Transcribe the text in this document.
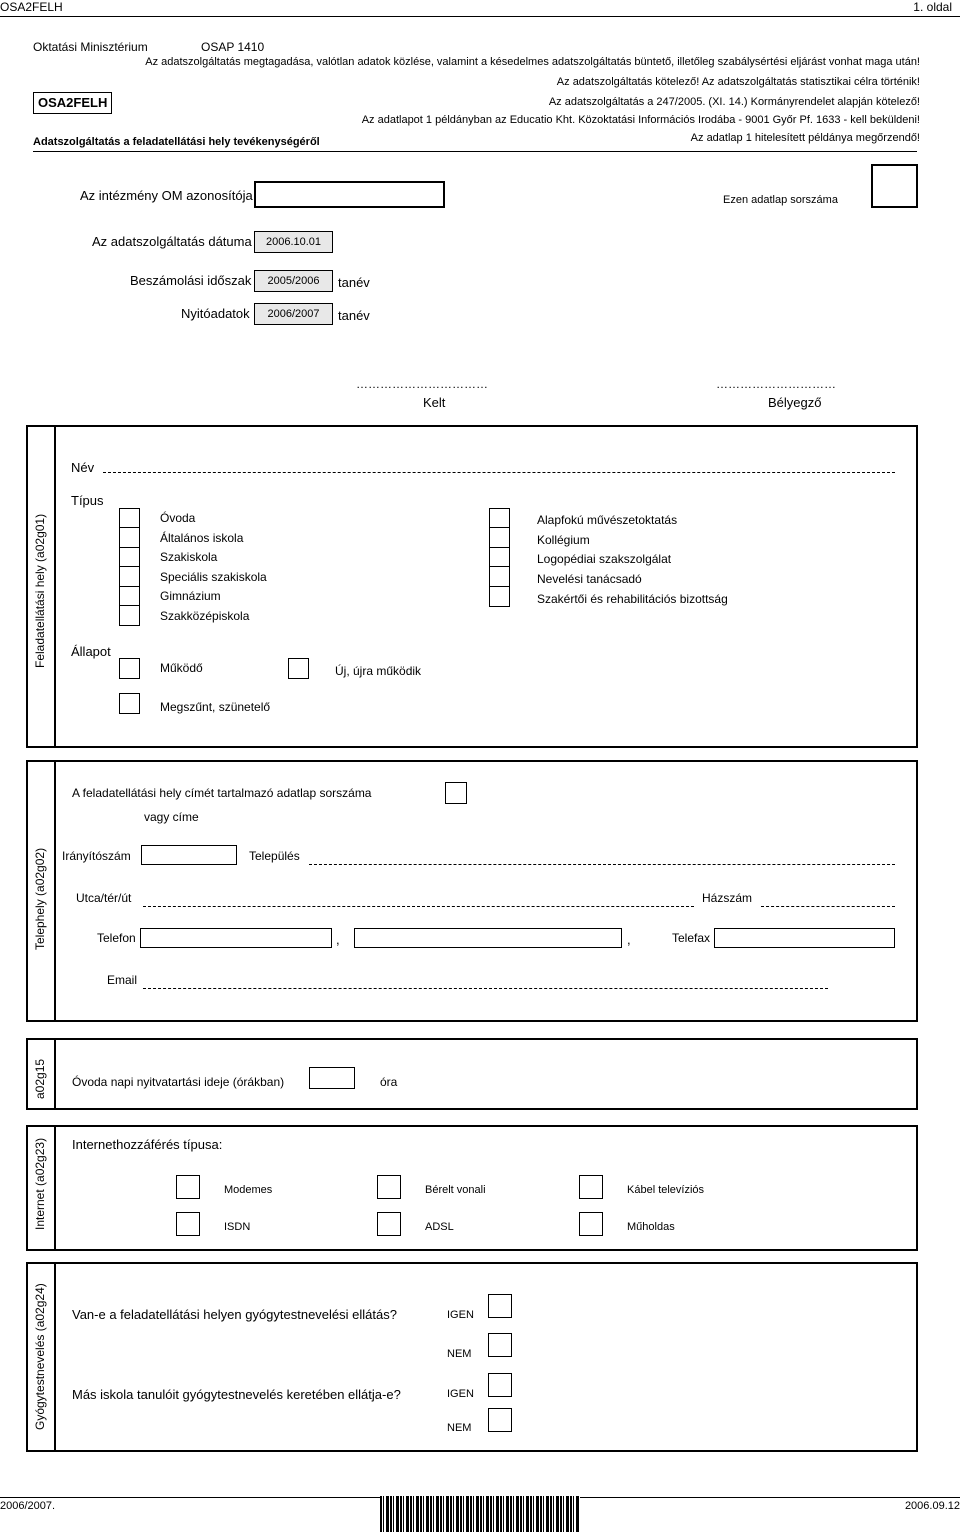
OSA2FELH	1. oldal
Oktatási Minisztérium	OSAP 1410
Az adatszolgáltatás megtagadása, valótlan adatok közlése, valamint a késedelmes adatszolgáltatás büntető, illetőleg szabálysértési eljárást vonhat maga után!
Az adatszolgáltatás kötelező! Az adatszolgáltatás statisztikai célra történik!
OSA2FELH	Az adatszolgáltatás a 247/2005. (XI. 14.) Kormányrendelet alapján kötelező!
Az adatlapot 1 példányban az Educatio Kht. Közoktatási Információs Irodába - 9001 Győr Pf. 1633 - kell beküldeni!
Adatszolgáltatás a feladatellátási hely tevékenységéről	Az adatlap 1 hitelesített példánya megőrzendő!
Az intézmény OM azonosítója	Ezen adatlap sorszáma
Az adatszolgáltatás dátuma	2006.10.01
Beszámolási időszak	2005/2006	tanév
Nyitóadatok	2006/2007	tanév
……………………………	…………………………
Kelt	Bélyegző
Feladatellátási hely (a02g01)
Név
Típus
Óvoda
Általános iskola
Szakiskola
Speciális szakiskola
Gimnázium
Szakközépiskola
Alapfokú művészetoktatás
Kollégium
Logopédiai szakszolgálat
Nevelési tanácsadó
Szakértői és rehabilitációs bizottság
Állapot
Működő	Új, újra működik
Megszűnt, szünetelő
Telephely (a02g02)
A feladatellátási hely címét tartalmazó adatlap sorszáma
vagy címe
Irányítószám	Település
Utca/tér/út	Házszám
Telefon	,	,	Telefax
Email
a02g15 Óvoda napi nyitvatartási ideje (órákban)	óra
Internet (a02g23) Internethozzáférés típusa:
Modemes	Bérelt vonali	Kábel televíziós
ISDN	ADSL	Műholdas
Gyógytestnevelés (a02g24) Van-e a feladatellátási helyen gyógytestnevelési ellátás?	IGEN
NEM
Más iskola tanulóit gyógytestnevelés keretében ellátja-e?	IGEN
NEM
2006/2007.	2006.09.12
